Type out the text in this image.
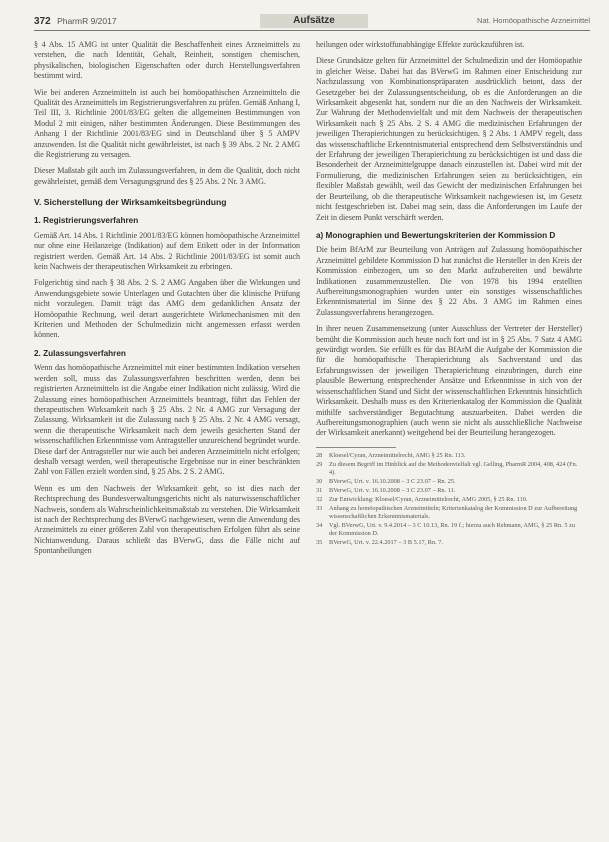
372 PharmR 9/2017	Aufsätze	Nat. Homöopathische Arzneimittel

§ 4 Abs. 15 AMG ist unter Qualität die Beschaffenheit eines Arzneimittels zu verstehen, die nach Identität, Gehalt, Reinheit, sonstigen chemischen, physikalischen, biologischen Eigenschaften oder durch Herstellungsverfahren bestimmt wird.

Wie bei anderen Arzneimitteln ist auch bei homöopathischen Arzneimitteln die Qualität des Arzneimittels im Registrierungsverfahren zu prüfen. Gemäß Anhang I, Teil III, 3. Richtlinie 2001/83/EG gelten die allgemeinen Bestimmungen von Modul 2 mit einigen, näher bestimmten Änderungen. Diese Bestimmungen des Anhang I der Richtlinie 2001/83/EG sind in Deutschland über § 5 AMPV anzuwenden. Ist die Qualität nicht gewährleistet, ist nach § 39 Abs. 2 Nr. 2 AMG die Registrierung zu versagen.

Dieser Maßstab gilt auch im Zulassungsverfahren, in dem die Qualität, doch nicht gewährleistet, gemäß dem Versagungsgrund des § 25 Abs. 2 Nr. 3 AMG.

V. Sicherstellung der Wirksamkeitsbegründung
1. Registrierungsverfahren

Gemäß Art. 14 Abs. 1 Richtlinie 2001/83/EG können homöopathische Arzneimittel nur ohne eine Heilanzeige (Indikation) auf dem Etikett oder in der Information registriert werden. Gemäß Art. 14 Abs. 2 Richtlinie 2001/83/EG ist somit auch kein Nachweis der therapeutischen Wirksamkeit zu erbringen.

Folgerichtig sind nach § 38 Abs. 2 S. 2 AMG Angaben über die Wirkungen und Anwendungsgebiete sowie Unterlagen und Gutachten über die klinische Prüfung nicht vorzulegen. Damit trägt das AMG dem gedanklichen Ansatz der Homöopathie Rechnung, weil derart ausgerichtete Wirkmechanismen mit den Kriterien und Methoden der Schulmedizin nicht angemessen erfasst werden können.

2. Zulassungsverfahren

Wenn das homöopathische Arzneimittel mit einer bestimmten Indikation versehen werden soll, muss das Zulassungsverfahren beschritten werden, denn bei registrierten Arzneimitteln ist die Angabe einer Indikation nicht zulässig. Wird die Zulassung eines homöopathischen Arzneimittels beantragt, führt das Fehlen der therapeutischen Wirksamkeit nach § 25 Abs. 2 Nr. 4 AMG zur Versagung der Zulassung. Wirksamkeit ist die Zulassung nach § 25 Abs. 2 Nr. 4 AMG versagt, wenn die therapeutische Wirksamkeit nach dem jeweils gesicherten Stand der wissenschaftlichen Erkenntnisse vom Antragsteller unzureichend begründet wurde. Diese darf der Antragsteller nur wie auch bei anderen Arzneimitteln nicht erfolgen; deshalb versagt werden, weil therapeutische Ergebnisse nur in einer beschränkten Zahl von Fällen erzielt worden sind, § 25 Abs. 2 S. 2 AMG.

Wenn es um den Nachweis der Wirksamkeit geht, so ist dies nach der Rechtsprechung des Bundesverwaltungsgerichts nicht als naturwissenschaftlicher Nachweis, sondern als Wahrscheinlichkeitsmaßstab zu verstehen. Die Wirksamkeit ist nach der Rechtsprechung des BVerwG nachgewiesen, wenn die Anwendung des Arzneimittels zu einer größeren Zahl von therapeutischen Erfolgen führt als seine Nichtanwendung. Daraus schließt das BVerwG, dass die Fälle nicht auf Spontanheilungen

heilungen oder wirkstoffunabhängige Effekte zurückzuführen ist.

Diese Grundsätze gelten für Arzneimittel der Schulmedizin und der Homöopathie in gleicher Weise. Dabei hat das BVerwG im Rahmen einer Entscheidung zur Nachzulassung von Kombinationspräparaten ausdrücklich betont, dass der Gesetzgeber bei der Zulassungsentscheidung, ob es die Anforderungen an die Wirksamkeit abgesenkt hat, sondern nur die an den Nachweis der Wirksamkeit. Zur Wahrung der Methodenvielfalt und mit dem Nachweis der therapeutischen Wirksamkeit nach § 25 Abs. 2 S. 4 AMG die medizinischen Erfahrungen der jeweiligen Therapierichtungen zu berücksichtigen. § 2 Abs. 1 AMPV regelt, dass das wissenschaftliche Erkenntnismaterial entsprechend dem Selbstverständnis und der Erfahrung der jeweiligen Therapierichtung zu berücksichtigen ist und dass die Besonderheit der Arzneimittelgruppe danach einzustellen ist. Dabei wird mit der Formulierung, die medizinischen Erfahrungen seien zu berücksichtigen, ein flexibler Maßstab gewählt, weil das Gewicht der medizinischen Erfahrungen bei der Beurteilung, ob die therapeutische Wirksamkeit nachgewiesen ist, im Gesetz nicht festgeschrieben ist. Dabei mag sein, dass die Anforderungen im Laufe der Zeit in diesem Punkt verschärft werden.

a) Monographien und Bewertungskriterien der Kommission D

Die beim BfArM zur Beurteilung von Anträgen auf Zulassung homöopathischer Arzneimittel gebildete Kommission D hat zunächst die Hersteller in den Kreis der Kommission einbezogen, um so den Markt aufzubereiten und bewährte Indikationen zusammenzustellen. Die von 1978 bis 1994 erstellten Aufbereitungsmonographien wurden unter ein sonstiges wissenschaftliches Erkenntnismaterial im Sinne des § 22 Abs. 3 AMG im Rahmen eines Zulassungsverfahrens herangezogen.

In ihrer neuen Zusammensetzung (unter Ausschluss der Vertreter der Hersteller) bemüht die Kommission auch heute noch fort und ist in § 25 Abs. 7 Satz 4 AMG gewürdigt worden. Sie erfüllt es für das BfArM die Aufgabe der Kommission die für die homöopathische Therapierichtung als Sachverstand und das Erfahrungswissen der jeweiligen Therapierichtung einzubringen, durch eine plausible Bewertung entsprechender Ansätze und Erkenntnisse in sich von der wissenschaftlichen Stand und Sicht der wissenschaftlichen Erkenntnis hinsichtlich Wirksamkeit. Deshalb muss es den Kriterienkatalog der Kommission die Qualität mithilfe sachverständiger Begutachtung auszuarbeiten. Dabei werden die Aufbereitungsmonographien (auch wenn sie nicht als ausschließliche Nachweise der Wirksamkeit anerkannt) weitgehend bei der Beurteilung herangezogen.

28	Kloesel/Cyran, Arzneimittelrecht, AMG § 25 Rn. 113.
29	Zu diesem Begriff im Hinblick auf die Methodenvielfalt vgl. Gelling, PharmR 2004, 408, 424 (Fn. 4).
30	BVerwG, Urt. v. 16.10.2008 – 3 C 23.07 – Rn. 25.
31	BVerwG, Urt. v. 16.10.2008 – 3 C 23.07 – Rn. 11.
32	Zur Entwicklung: Kloesel/Cyran, Arzneimittelrecht, AMG 2005, § 25 Rn. 110.
33	Anhang zu homöopathischen Arzneimitteln; Kriterienkatalog der Kommission D zur Aufbereitung wissenschaftlichen Erkenntnismaterials.
34	Vgl. BVerwG, Urt. v. 9.4.2014 – 3 C 10.13, Rn. 19 f.; hierzu auch Rehmann, AMG, § 25 Rn. 5 zu der Kommission D.
35	BVerwG, Urt. v. 22.4.2017 – 3 B 5.17, Rn. 7.
